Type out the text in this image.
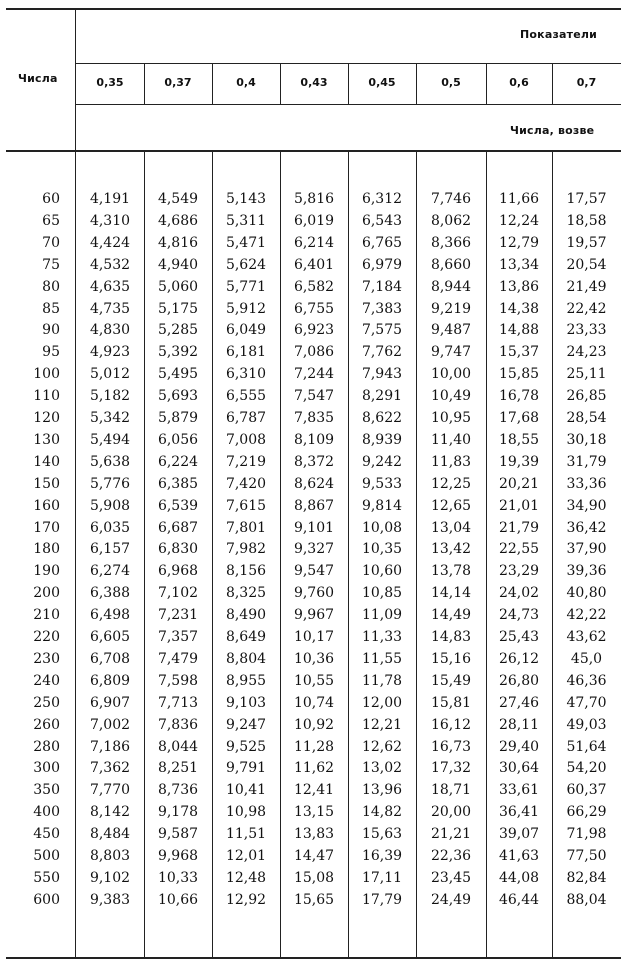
Показатели
Числа
Числа, возве
0,35	0,37	0,4	0,43	0,45	0,5	0,6	0,7
60	4,191	4,549	5,143	5,816	6,312	7,746	11,66	17,57
65	4,310	4,686	5,311	6,019	6,543	8,062	12,24	18,58
70	4,424	4,816	5,471	6,214	6,765	8,366	12,79	19,57
75	4,532	4,940	5,624	6,401	6,979	8,660	13,34	20,54
80	4,635	5,060	5,771	6,582	7,184	8,944	13,86	21,49
85	4,735	5,175	5,912	6,755	7,383	9,219	14,38	22,42
90	4,830	5,285	6,049	6,923	7,575	9,487	14,88	23,33
95	4,923	5,392	6,181	7,086	7,762	9,747	15,37	24,23
100	5,012	5,495	6,310	7,244	7,943	10,00	15,85	25,11
110	5,182	5,693	6,555	7,547	8,291	10,49	16,78	26,85
120	5,342	5,879	6,787	7,835	8,622	10,95	17,68	28,54
130	5,494	6,056	7,008	8,109	8,939	11,40	18,55	30,18
140	5,638	6,224	7,219	8,372	9,242	11,83	19,39	31,79
150	5,776	6,385	7,420	8,624	9,533	12,25	20,21	33,36
160	5,908	6,539	7,615	8,867	9,814	12,65	21,01	34,90
170	6,035	6,687	7,801	9,101	10,08	13,04	21,79	36,42
180	6,157	6,830	7,982	9,327	10,35	13,42	22,55	37,90
190	6,274	6,968	8,156	9,547	10,60	13,78	23,29	39,36
200	6,388	7,102	8,325	9,760	10,85	14,14	24,02	40,80
210	6,498	7,231	8,490	9,967	11,09	14,49	24,73	42,22
220	6,605	7,357	8,649	10,17	11,33	14,83	25,43	43,62
230	6,708	7,479	8,804	10,36	11,55	15,16	26,12	45,0
240	6,809	7,598	8,955	10,55	11,78	15,49	26,80	46,36
250	6,907	7,713	9,103	10,74	12,00	15,81	27,46	47,70
260	7,002	7,836	9,247	10,92	12,21	16,12	28,11	49,03
280	7,186	8,044	9,525	11,28	12,62	16,73	29,40	51,64
300	7,362	8,251	9,791	11,62	13,02	17,32	30,64	54,20
350	7,770	8,736	10,41	12,41	13,96	18,71	33,61	60,37
400	8,142	9,178	10,98	13,15	14,82	20,00	36,41	66,29
450	8,484	9,587	11,51	13,83	15,63	21,21	39,07	71,98
500	8,803	9,968	12,01	14,47	16,39	22,36	41,63	77,50
550	9,102	10,33	12,48	15,08	17,11	23,45	44,08	82,84
600	9,383	10,66	12,92	15,65	17,79	24,49	46,44	88,04
